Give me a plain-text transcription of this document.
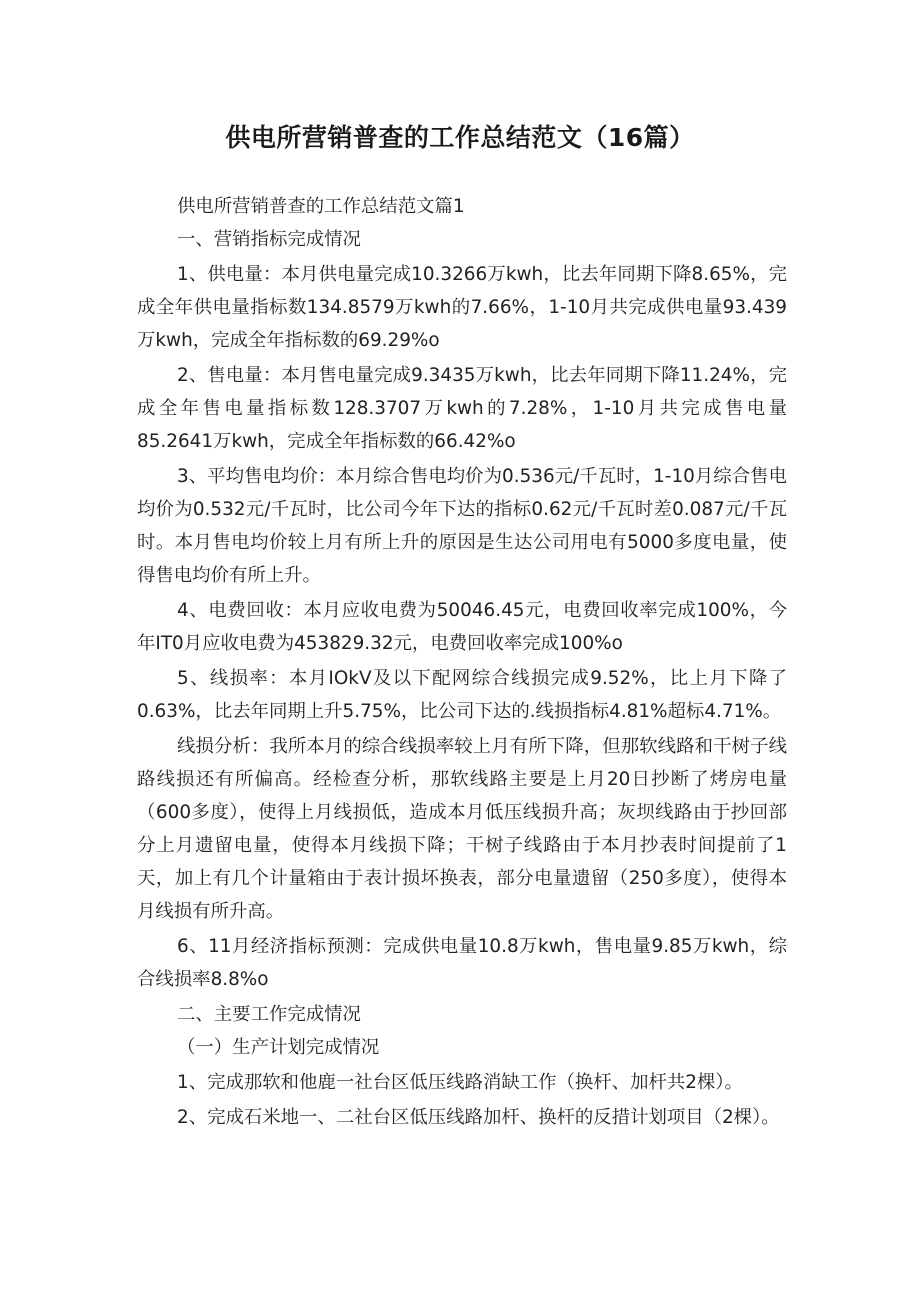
供电所营销普查的工作总结范文（16篇）

供电所营销普查的工作总结范文篇1

一、营销指标完成情况

1、供电量：本月供电量完成10.3266万kwh，比去年同期下降8.65%，完成全年供电量指标数134.8579万kwh的7.66%，1-10月共完成供电量93.439万kwh，完成全年指标数的69.29%o

2、售电量：本月售电量完成9.3435万kwh，比去年同期下降11.24%，完成全年售电量指标数128.3707万kwh的7.28%，1-10月共完成售电量85.2641万kwh，完成全年指标数的66.42%o

3、平均售电均价：本月综合售电均价为0.536元/千瓦时，1-10月综合售电均价为0.532元/千瓦时，比公司今年下达的指标0.62元/千瓦时差0.087元/千瓦时。本月售电均价较上月有所上升的原因是生达公司用电有5000多度电量，使得售电均价有所上升。

4、电费回收：本月应收电费为50046.45元，电费回收率完成100%，今年IT0月应收电费为453829.32元，电费回收率完成100%o

5、线损率：本月IOkV及以下配网综合线损完成9.52%，比上月下降了0.63%，比去年同期上升5.75%，比公司下达的.线损指标4.81%超标4.71%。

线损分析：我所本月的综合线损率较上月有所下降，但那软线路和干树子线路线损还有所偏高。经检查分析，那软线路主要是上月20日抄断了烤房电量（600多度），使得上月线损低，造成本月低压线损升高；灰坝线路由于抄回部分上月遗留电量，使得本月线损下降；干树子线路由于本月抄表时间提前了1天，加上有几个计量箱由于表计损坏换表，部分电量遗留（250多度），使得本月线损有所升高。

6、11月经济指标预测：完成供电量10.8万kwh，售电量9.85万kwh，综合线损率8.8%o

二、主要工作完成情况

（一）生产计划完成情况

1、完成那软和他鹿一社台区低压线路消缺工作（换杆、加杆共2棵）。

2、完成石米地一、二社台区低压线路加杆、换杆的反措计划项目（2棵）。
